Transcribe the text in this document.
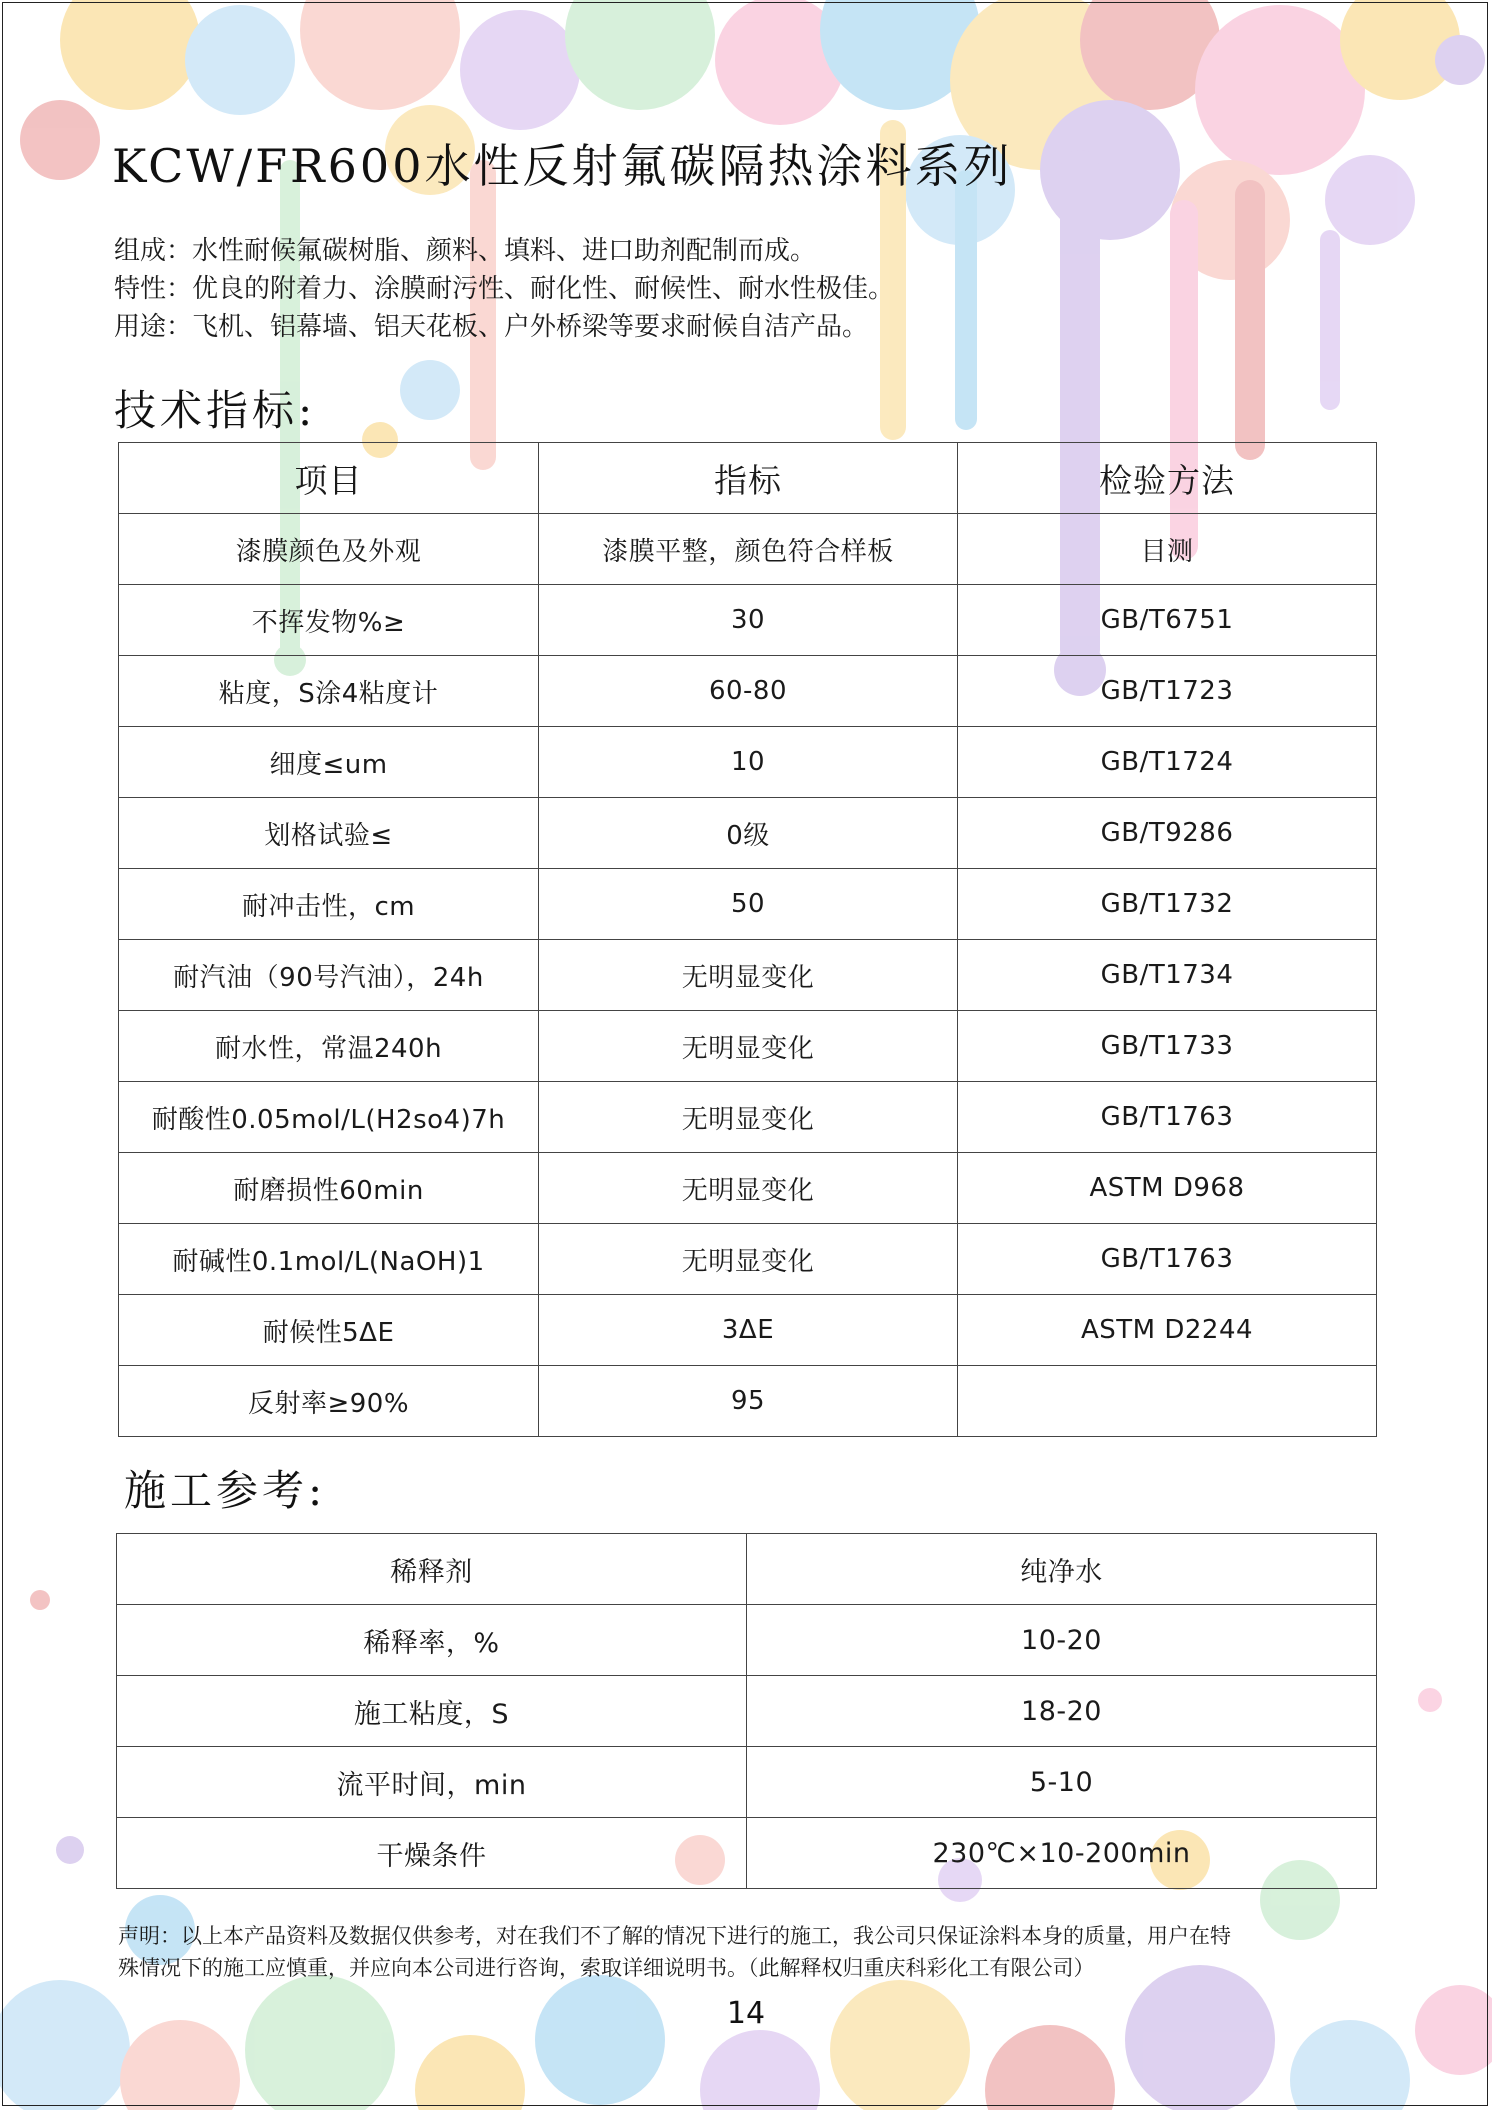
KCW/FR600水性反射氟碳隔热涂料系列
组成：水性耐候氟碳树脂、颜料、填料、进口助剂配制而成。
特性：优良的附着力、涂膜耐污性、耐化性、耐候性、耐水性极佳。
用途：飞机、铝幕墙、铝天花板、户外桥梁等要求耐候自洁产品。
技术指标:
项目	指标	检验方法
漆膜颜色及外观	漆膜平整，颜色符合样板	目测
不挥发物%≥	30	GB/T6751
粘度，S涂4粘度计	60-80	GB/T1723
细度≤um	10	GB/T1724
划格试验≤	0级	GB/T9286
耐冲击性，cm	50	GB/T1732
耐汽油（90号汽油），24h	无明显变化	GB/T1734
耐水性，常温240h	无明显变化	GB/T1733
耐酸性0.05mol/L(H2so4)7h	无明显变化	GB/T1763
耐磨损性60min	无明显变化	ASTM D968
耐碱性0.1mol/L(NaOH)1	无明显变化	GB/T1763
耐候性5ΔE	3ΔE	ASTM D2244
反射率≥90%	95	
施工参考:
稀释剂	纯净水
稀释率，%	10-20
施工粘度，S	18-20
流平时间，min	5-10
干燥条件	230℃×10-200min
声明：以上本产品资料及数据仅供参考，对在我们不了解的情况下进行的施工，我公司只保证涂料本身的质量，用户在特
殊情况下的施工应慎重，并应向本公司进行咨询，索取详细说明书。（此解释权归重庆科彩化工有限公司）
14
